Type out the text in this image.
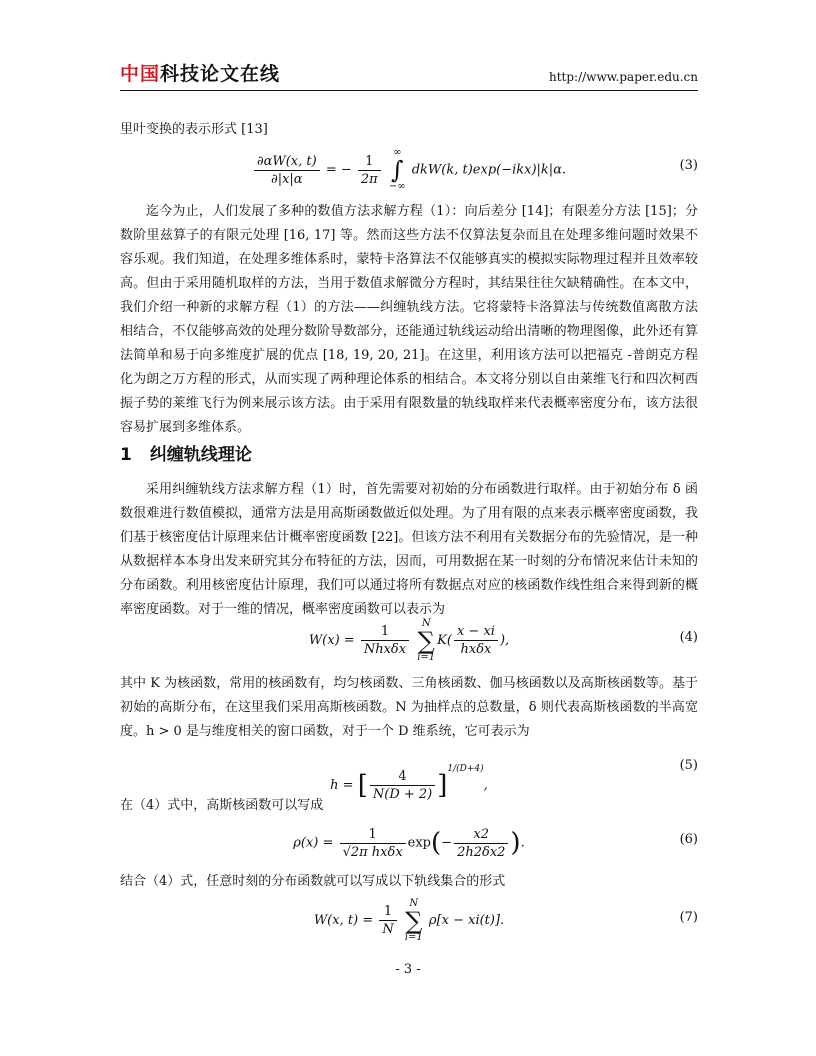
中国科技论文在线	http://www.paper.edu.cn

里叶变换的表示形式 [13]

$\frac{\partial\alpha W(x, t)}{\partial|x|\alpha}$ = − $\frac{1}{2\pi}$ ∞
∫
−∞ dkW(k, t)exp(−ikx)|k|α.	(3)

迄今为止，人们发展了多种的数值方法求解方程（1）：向后差分 [14]；有限差分方法 [15]；分数阶里兹算子的有限元处理 [16, 17] 等。然而这些方法不仅算法复杂而且在处理多维问题时效果不容乐观。我们知道，在处理多维体系时，蒙特卡洛算法不仅能够真实的模拟实际物理过程并且效率较高。但由于采用随机取样的方法，当用于数值求解微分方程时，其结果往往欠缺精确性。在本文中，我们介绍一种新的求解方程（1）的方法——纠缠轨线方法。它将蒙特卡洛算法与传统数值离散方法相结合，不仅能够高效的处理分数阶导数部分，还能通过轨线运动给出清晰的物理图像，此外还有算法简单和易于向多维度扩展的优点 [18, 19, 20, 21]。在这里，利用该方法可以把福克 -普朗克方程化为朗之万方程的形式，从而实现了两种理论体系的相结合。本文将分别以自由莱维飞行和四次柯西振子势的莱维飞行为例来展示该方法。由于采用有限数量的轨线取样来代表概率密度分布，该方法很容易扩展到多维体系。

1 纠缠轨线理论

采用纠缠轨线方法求解方程（1）时，首先需要对初始的分布函数进行取样。由于初始分布 δ 函数很难进行数值模拟，通常方法是用高斯函数做近似处理。为了用有限的点来表示概率密度函数，我们基于核密度估计原理来估计概率密度函数 [22]。但该方法不利用有关数据分布的先验情况，是一种从数据样本本身出发来研究其分布特征的方法，因而，可用数据在某一时刻的分布情况来估计未知的分布函数。利用核密度估计原理，我们可以通过将所有数据点对应的核函数作线性组合来得到新的概率密度函数。对于一维的情况，概率密度函数可以表示为

$W(x) = \frac{1}{\text{Nhxδx}}$ N
∑
$i=1K( \frac{x - xi}{\text{hxδx}}$ ),	(4)

其中 K 为核函数，常用的核函数有，均匀核函数、三角核函数、伽马核函数以及高斯核函数等。基于初始的高斯分布，在这里我们采用高斯核函数。N 为抽样点的总数量，δ 则代表高斯核函数的半高宽度。h > 0 是与维度相关的窗口函数，对于一个 D 维系统，它可表示为

h = [ $\frac{4}{N(D + 2)} ]^{1/(D+4)}$,
(5)

在（4）式中，高斯核函数可以写成

$\rho(x) = \frac{1}{\text{√2π hxδx}} \exp(- \frac{x2}{2h2\delta x2}$ ).	(6)

结合（4）式，任意时刻的分布函数就可以写成以下轨线集合的形式

W(x, $t) = \frac{1}{N}$ N
∑
i=1 ρ[x − xi(t)].	(7)
- 3 -
